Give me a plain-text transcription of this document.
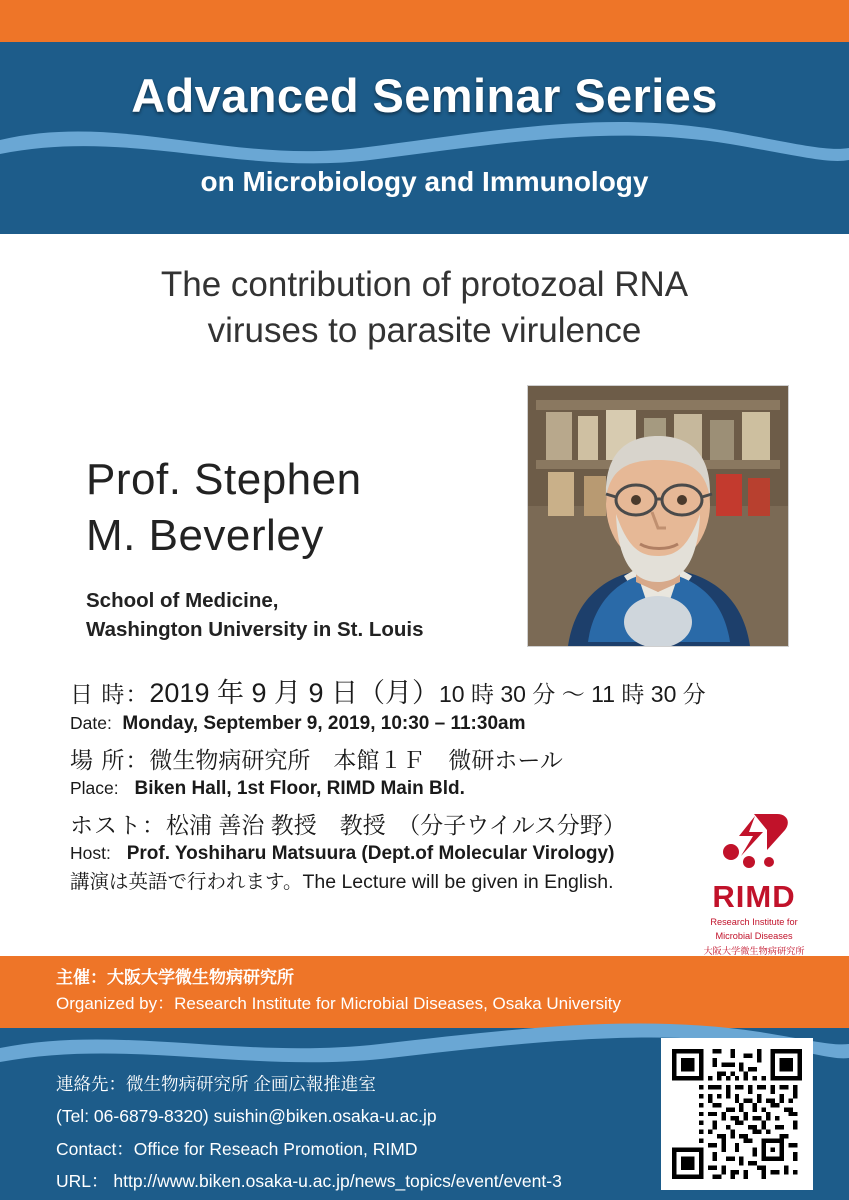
Advanced Seminar Series
on Microbiology and Immunology
The contribution of protozoal RNA
viruses to parasite virulence
Prof. Stephen
M. Beverley
School of Medicine,
Washington University in St. Louis
日 時：2019 年 9 月 9 日（月）10 時 30 分 ～ 11 時 30 分
Date: Monday, September 9, 2019, 10:30 – 11:30am
場 所：微生物病研究所　本館１Ｆ　微研ホール
Place: Biken Hall, 1st Floor, RIMD Main Bld.
ホスト：松浦 善治 教授　教授　（分子ウイルス分野）
Host: Prof. Yoshiharu Matsuura (Dept.of Molecular Virology)
講演は英語で行われます。The Lecture will be given in English.	RIMD
Research Institute for
Microbial Diseases
大阪大学微生物病研究所
主催：大阪大学微生物病研究所
Organized by：Research Institute for Microbial Diseases, Osaka University
連絡先：微生物病研究所 企画広報推進室
(Tel: 06-6879-8320) suishin@biken.osaka-u.ac.jp
Contact：Office for Reseach Promotion, RIMD
URL： http://www.biken.osaka-u.ac.jp/news_topics/event/event-3
